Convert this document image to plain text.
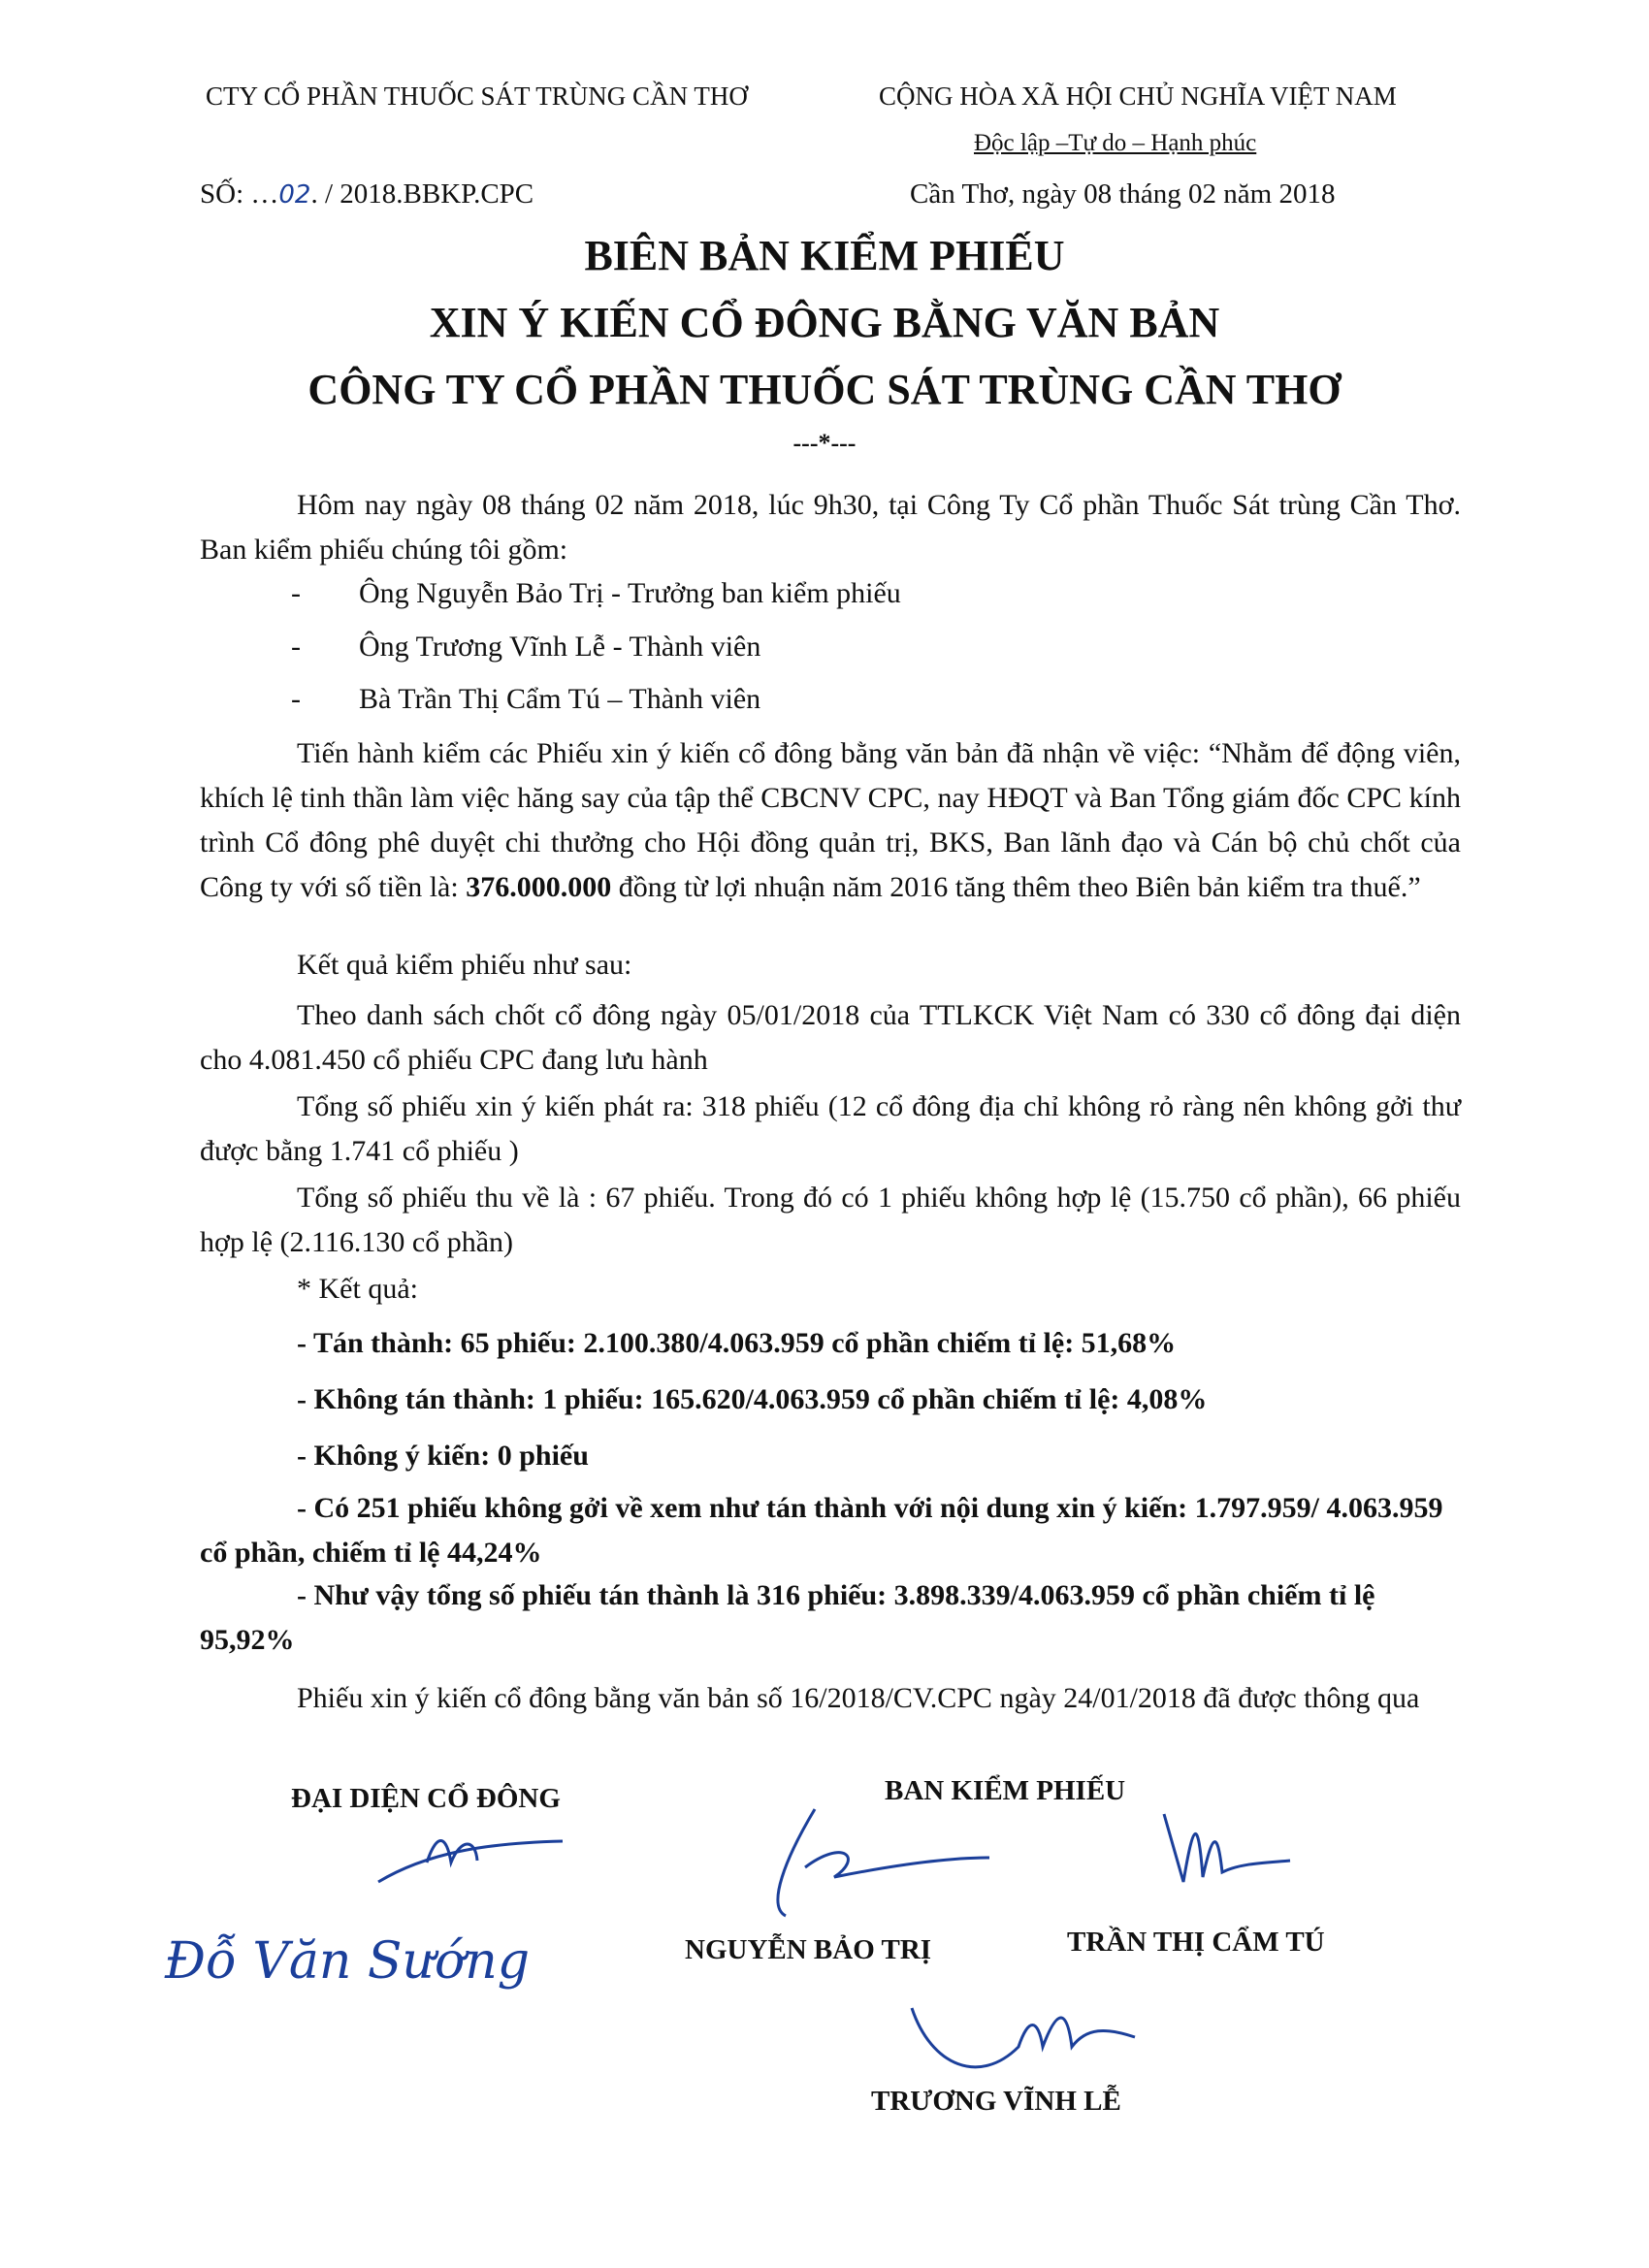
CTY CỔ PHẦN THUỐC SÁT TRÙNG CẦN THƠ	CỘNG HÒA XÃ HỘI CHỦ NGHĨA VIỆT NAM
Độc lập –Tự do – Hạnh phúc
SỐ: …02. / 2018.BBKP.CPC	Cần Thơ, ngày 08 tháng 02 năm 2018
BIÊN BẢN KIỂM PHIẾU
XIN Ý KIẾN CỔ ĐÔNG BẰNG VĂN BẢN
CÔNG TY CỔ PHẦN THUỐC SÁT TRÙNG CẦN THƠ
---*---
Hôm nay ngày 08 tháng 02 năm 2018, lúc 9h30, tại Công Ty Cổ phần Thuốc Sát trùng Cần Thơ. Ban kiểm phiếu chúng tôi gồm:
- Ông Nguyễn Bảo Trị - Trưởng ban kiểm phiếu
- Ông Trương Vĩnh Lễ - Thành viên
- Bà Trần Thị Cẩm Tú – Thành viên
Tiến hành kiểm các Phiếu xin ý kiến cổ đông bằng văn bản đã nhận về việc: “Nhằm để động viên, khích lệ tinh thần làm việc hăng say của tập thể CBCNV CPC, nay HĐQT và Ban Tổng giám đốc CPC kính trình Cổ đông phê duyệt chi thưởng cho Hội đồng quản trị, BKS, Ban lãnh đạo và Cán bộ chủ chốt của Công ty với số tiền là: 376.000.000 đồng từ lợi nhuận năm 2016 tăng thêm theo Biên bản kiểm tra thuế.”
Kết quả kiểm phiếu như sau:
Theo danh sách chốt cổ đông ngày 05/01/2018 của TTLKCK Việt Nam có 330 cổ đông đại diện cho 4.081.450 cổ phiếu CPC đang lưu hành
Tổng số phiếu xin ý kiến phát ra: 318 phiếu (12 cổ đông địa chỉ không rỏ ràng nên không gởi thư được bằng 1.741 cổ phiếu )
Tổng số phiếu thu về là : 67 phiếu. Trong đó có 1 phiếu không hợp lệ (15.750 cổ phần), 66 phiếu hợp lệ (2.116.130 cổ phần)
* Kết quả:
- Tán thành: 65 phiếu: 2.100.380/4.063.959 cổ phần chiếm tỉ lệ: 51,68%
- Không tán thành: 1 phiếu: 165.620/4.063.959 cổ phần chiếm tỉ lệ: 4,08%
- Không ý kiến: 0 phiếu
- Có 251 phiếu không gởi về xem như tán thành với nội dung xin ý kiến: 1.797.959/ 4.063.959 cổ phần, chiếm tỉ lệ 44,24%
- Như vậy tổng số phiếu tán thành là 316 phiếu: 3.898.339/4.063.959 cổ phần chiếm tỉ lệ 95,92%
Phiếu xin ý kiến cổ đông bằng văn bản số 16/2018/CV.CPC ngày 24/01/2018 đã được thông qua
ĐẠI DIỆN CỔ ĐÔNG	BAN KIỂM PHIẾU
Đỗ Văn Sướng	NGUYỄN BẢO TRỊ	TRẦN THỊ CẨM TÚ
TRƯƠNG VĨNH LỄ
